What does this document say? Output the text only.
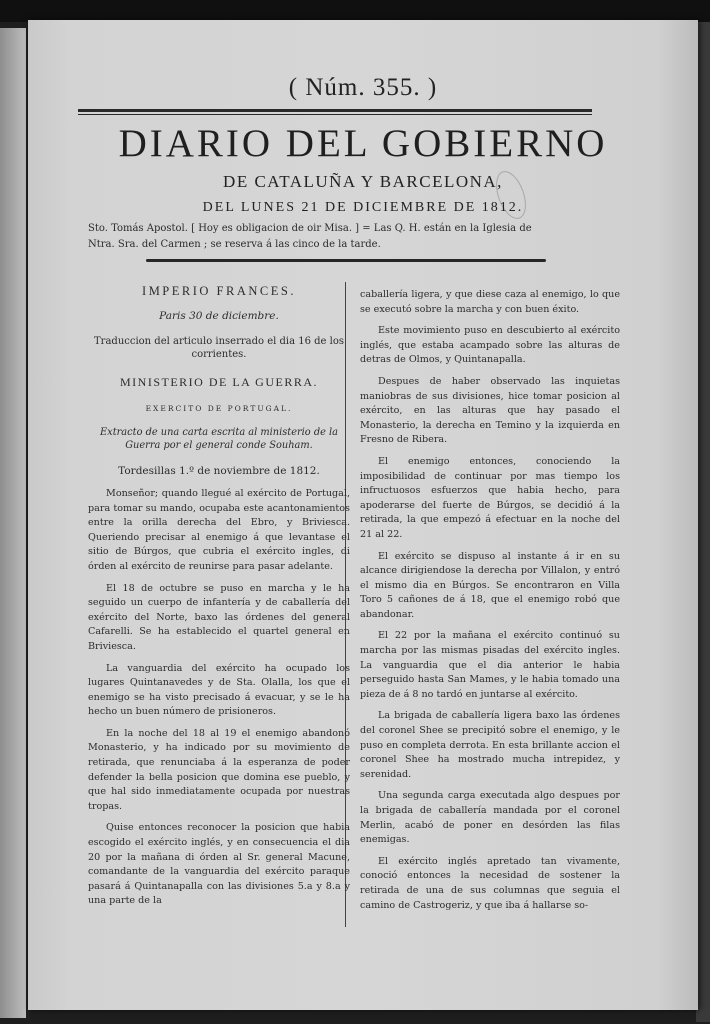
( Núm. 355. )
DIARIO DEL GOBIERNO
DE CATALUÑA Y BARCELONA,
DEL LUNES 21 DE DICIEMBRE DE 1812.
Sto. Tomás Apostol. [ Hoy es obligacion de oir Misa. ] = Las Q. H. están en la Iglesia de
Ntra. Sra. del Carmen ; se reserva á las cinco de la tarde.
IMPERIO FRANCES.
Paris 30 de diciembre.
Traduccion del articulo inserrado el dia 16 de los corrientes.
MINISTERIO DE LA GUERRA.
EXERCITO DE PORTUGAL.
Extracto de una carta escrita al ministerio de la Guerra por el general conde Souham.
Tordesillas 1.º de noviembre de 1812.

Monseñor; quando llegué al exército de Portugal, para tomar su mando, ocupaba este acantonamientos entre la orilla derecha del Ebro, y Briviesca. Queriendo precisar al enemigo á que levantase el sitio de Búrgos, que cubria el exército ingles, di órden al exército de reunirse para pasar adelante.

El 18 de octubre se puso en marcha y le ha seguido un cuerpo de infantería y de caballería del exército del Norte, baxo las órdenes del general Cafarelli. Se ha establecido el quartel general en Briviesca.

La vanguardia del exército ha ocupado los lugares Quintanavedes y de Sta. Olalla, los que el enemigo se ha visto precisado á evacuar, y se le ha hecho un buen número de prisioneros.

En la noche del 18 al 19 el enemigo abandonó Monasterio, y ha indicado por su movimiento de retirada, que renunciaba á la esperanza de poder defender la bella posicion que domina ese pueblo, y que hal sido inmediatamente ocupada por nuestras tropas.

Quise entonces reconocer la posicion que habia escogido el exército inglés, y en consecuencia el dia 20 por la mañana di órden al Sr. general Macune, comandante de la vanguardia del exército paraque pasará á Quintanapalla con las divisiones 5.a y 8.a y una parte de la

caballería ligera, y que diese caza al enemigo, lo que se executó sobre la marcha y con buen éxito.

Este movimiento puso en descubierto al exército inglés, que estaba acampado sobre las alturas de detras de Olmos, y Quintanapalla.

Despues de haber observado las inquietas maniobras de sus divisiones, hice tomar posicion al exército, en las alturas que hay pasado el Monasterio, la derecha en Temino y la izquierda en Fresno de Ribera.

El enemigo entonces, conociendo la imposibilidad de continuar por mas tiempo los infructuosos esfuerzos que habia hecho, para apoderarse del fuerte de Búrgos, se decidió á la retirada, la que empezó á efectuar en la noche del 21 al 22.

El exército se dispuso al instante á ir en su alcance dirigiendose la derecha por Villalon, y entró el mismo dia en Búrgos. Se encontraron en Villa Toro 5 cañones de á 18, que el enemigo robó que abandonar.

El 22 por la mañana el exército continuó su marcha por las mismas pisadas del exército ingles. La vanguardia que el dia anterior le habia perseguido hasta San Mames, y le habia tomado una pieza de á 8 no tardó en juntarse al exército.

La brigada de caballería ligera baxo las órdenes del coronel Shee se precipitó sobre el enemigo, y le puso en completa derrota. En esta brillante accion el coronel Shee ha mostrado mucha intrepidez, y serenidad.

Una segunda carga executada algo despues por la brigada de caballería mandada por el coronel Merlin, acabó de poner en desórden las filas enemigas.

El exército inglés apretado tan vivamente, conoció entonces la necesidad de sostener la retirada de una de sus columnas que seguia el camino de Castrogeriz, y que iba á hallarse so-
